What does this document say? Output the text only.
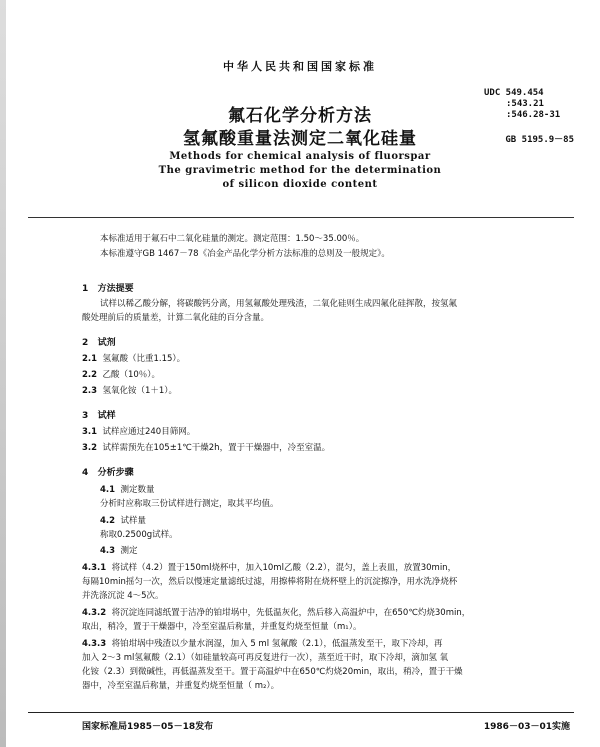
中华人民共和国国家标准
氟石化学分析方法
氢氟酸重量法测定二氧化硅量
UDC 549.454
:543.21
:546.28-31
GB 5195.9－85
Methods for chemical analysis of fluorspar
The gravimetric method for the determination
of silicon dioxide content
本标准适用于氟石中二氧化硅量的测定。测定范围：1.50～35.00％。
本标准遵守GB 1467－78《冶金产品化学分析方法标准的总则及一般规定》。
1 方法提要
试样以稀乙酸分解，将碳酸钙分离，用氢氟酸处理残渣，二氧化硅则生成四氟化硅挥散，按氢氟
酸处理前后的质量差，计算二氧化硅的百分含量。
2 试剂
2.1 氢氟酸（比重1.15）。
2.2 乙酸（10％）。
2.3 氢氧化铵（1＋1）。
3 试样
3.1 试样应通过240目筛网。
3.2 试样需预先在105±1℃干燥2h，置于干燥器中，冷至室温。
4 分析步骤
4.1 测定数量
分析时应称取三份试样进行测定，取其平均值。
4.2 试样量
称取0.2500g试样。
4.3 测定
4.3.1 将试样（4.2）置于150ml烧杯中，加入10ml乙酸（2.2），混匀，盖上表皿，放置30min，
每隔10min摇匀一次，然后以慢速定量滤纸过滤，用擦棒将附在烧杯壁上的沉淀擦净，用水洗净烧杯
并洗涤沉淀 4～5次。
4.3.2 将沉淀连同滤纸置于洁净的铂坩埚中，先低温灰化，然后移入高温炉中，在650℃灼烧30min，
取出，稍冷，置于干燥器中，冷至室温后称量，并重复灼烧至恒量（m₁）。
4.3.3 将铂坩埚中残渣以少量水润湿，加入 5 ml 氢氟酸（2.1），低温蒸发至干，取下冷却，再
加入 2～3 ml氢氟酸（2.1）（如硅量较高可再反复进行一次），蒸至近干时，取下冷却，滴加氢 氧
化铵（2.3）到微碱性，再低温蒸发至干。置于高温炉中在650℃灼烧20min，取出，稍冷，置于干燥
器中，冷至室温后称量，并重复灼烧至恒量（ m₂）。
国家标准局1985－05－18发布	1986－03－01实施
